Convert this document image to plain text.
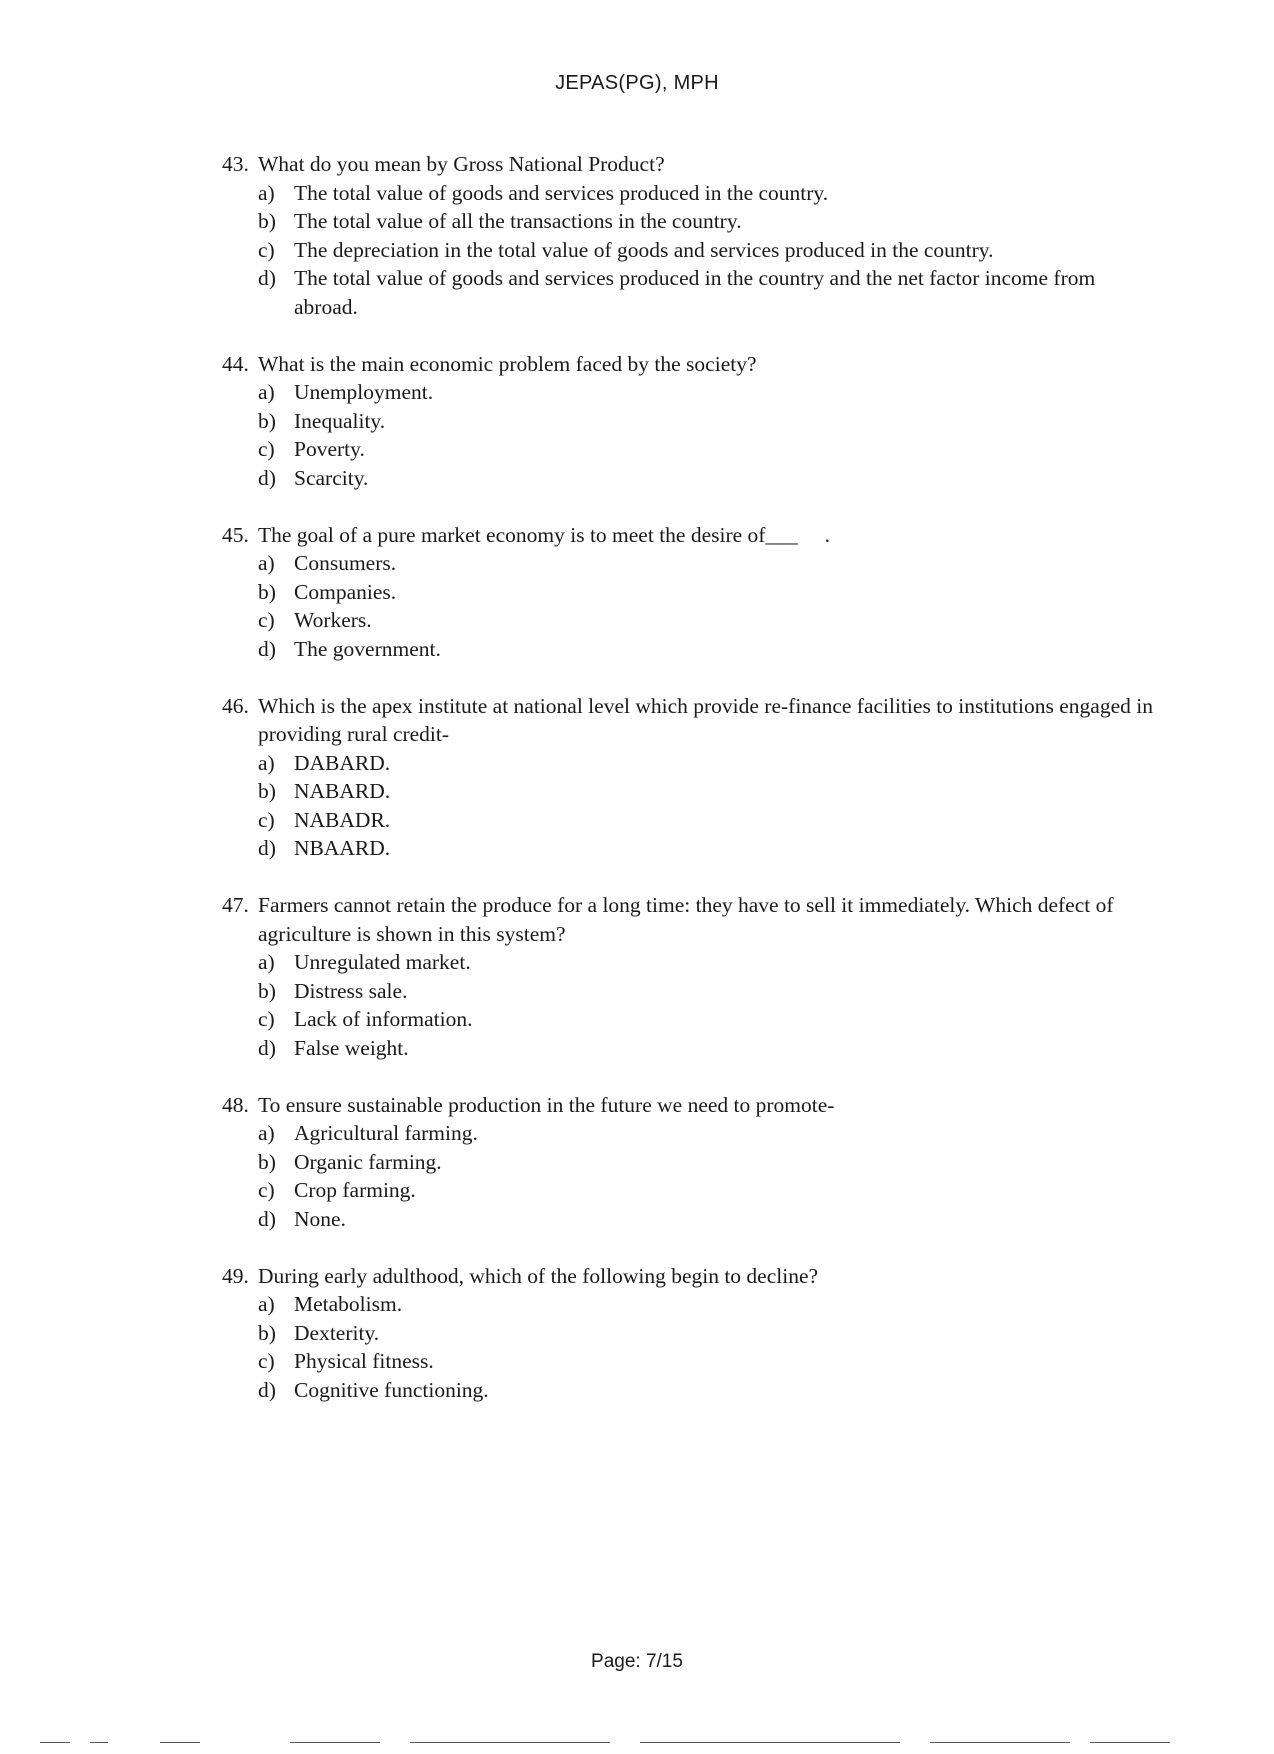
JEPAS(PG), MPH
43. What do you mean by Gross National Product?
a) The total value of goods and services produced in the country.
b) The total value of all the transactions in the country.
c) The depreciation in the total value of goods and services produced in the country.
d) The total value of goods and services produced in the country and the net factor income from abroad.
44. What is the main economic problem faced by the society?
a) Unemployment.
b) Inequality.
c) Poverty.
d) Scarcity.
45. The goal of a pure market economy is to meet the desire of___     .
a) Consumers.
b) Companies.
c) Workers.
d) The government.
46. Which is the apex institute at national level which provide re-finance facilities to institutions engaged in providing rural credit-
a) DABARD.
b) NABARD.
c) NABADR.
d) NBAARD.
47. Farmers cannot retain the produce for a long time: they have to sell it immediately. Which defect of agriculture is shown in this system?
a) Unregulated market.
b) Distress sale.
c) Lack of information.
d) False weight.
48. To ensure sustainable production in the future we need to promote-
a) Agricultural farming.
b) Organic farming.
c) Crop farming.
d) None.
49. During early adulthood, which of the following begin to decline?
a) Metabolism.
b) Dexterity.
c) Physical fitness.
d) Cognitive functioning.
Page: 7/15
